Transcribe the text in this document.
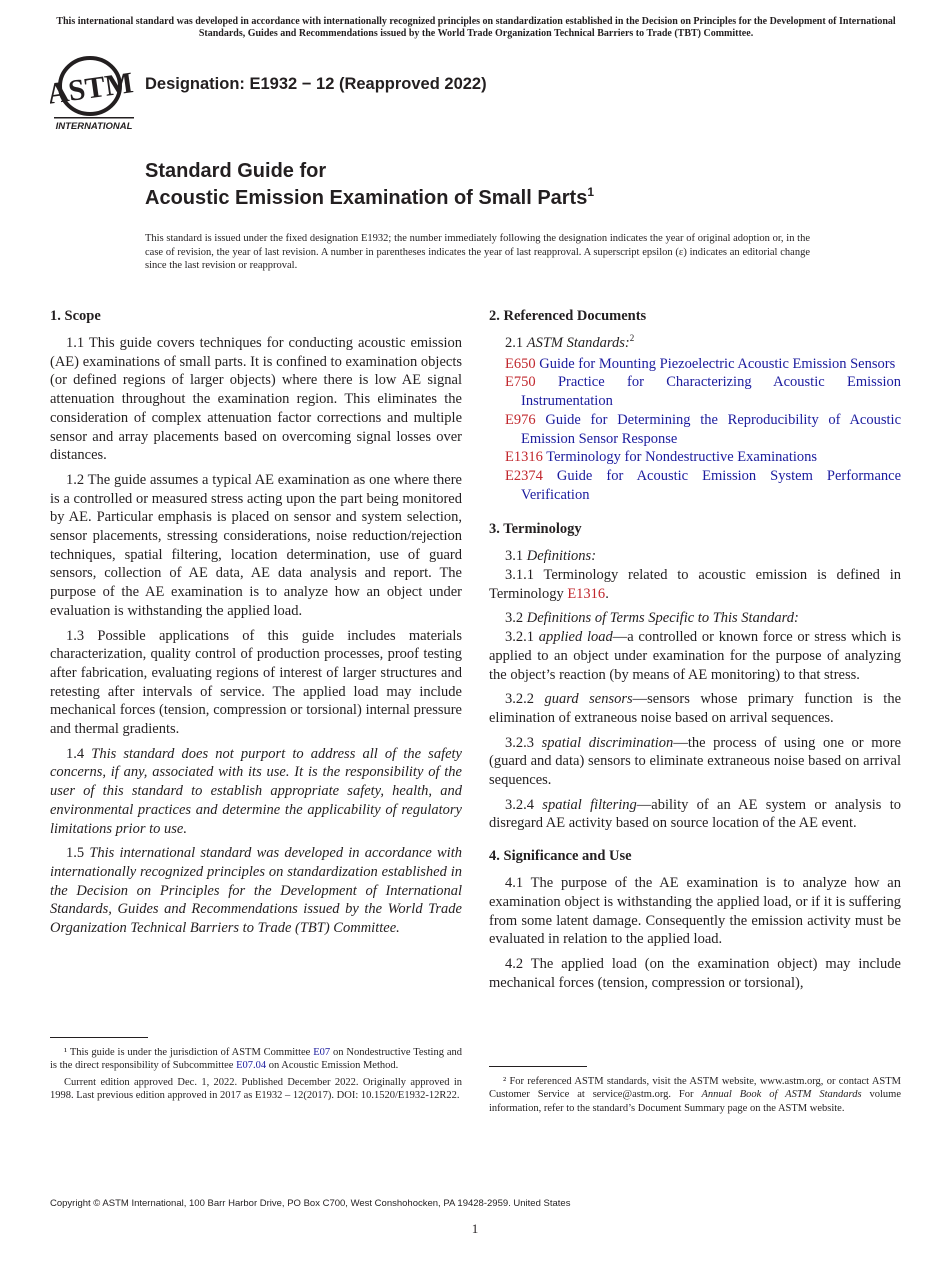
This international standard was developed in accordance with internationally recognized principles on standardization established in the Decision on Principles for the Development of International Standards, Guides and Recommendations issued by the World Trade Organization Technical Barriers to Trade (TBT) Committee.
ASTM
INTERNATIONAL
Designation: E1932 − 12 (Reapproved 2022)
Standard Guide for
Acoustic Emission Examination of Small Parts$^1$
This standard is issued under the fixed designation E1932; the number immediately following the designation indicates the year of original adoption or, in the case of revision, the year of last revision. A number in parentheses indicates the year of last reapproval. A superscript epsilon (ε) indicates an editorial change since the last revision or reapproval.
1. Scope

1.1 This guide covers techniques for conducting acoustic emission (AE) examinations of small parts. It is confined to examination objects (or defined regions of larger objects) where there is low AE signal attenuation throughout the examination region. This eliminates the consideration of complex attenuation factor corrections and multiple sensor and array placements based on overcoming signal losses over distances.

1.2 The guide assumes a typical AE examination as one where there is a controlled or measured stress acting upon the part being monitored by AE. Particular emphasis is placed on sensor and system selection, sensor placements, stressing considerations, noise reduction/rejection techniques, spatial filtering, location determination, use of guard sensors, collection of AE data, AE data analysis and report. The purpose of the AE examination is to analyze how an object under evaluation is withstanding the applied load.

1.3 Possible applications of this guide includes materials characterization, quality control of production processes, proof testing after fabrication, evaluating regions of interest of larger structures and retesting after intervals of service. The applied load may include mechanical forces (tension, compression or torsional) internal pressure and thermal gradients.

1.4 This standard does not purport to address all of the safety concerns, if any, associated with its use. It is the responsibility of the user of this standard to establish appropriate safety, health, and environmental practices and determine the applicability of regulatory limitations prior to use.

1.5 This international standard was developed in accordance with internationally recognized principles on standardization established in the Decision on Principles for the Development of International Standards, Guides and Recommendations issued by the World Trade Organization Technical Barriers to Trade (TBT) Committee.

¹ This guide is under the jurisdiction of ASTM Committee E07 on Nondestructive Testing and is the direct responsibility of Subcommittee E07.04 on Acoustic Emission Method.

Current edition approved Dec. 1, 2022. Published December 2022. Originally approved in 1998. Last previous edition approved in 2017 as E1932 – 12(2017). DOI: 10.1520/E1932-12R22.

2. Referenced Documents
2.1 ASTM Standards:$^2$
E650 Guide for Mounting Piezoelectric Acoustic Emission Sensors
E750 Practice for Characterizing Acoustic Emission Instrumentation
E976 Guide for Determining the Reproducibility of Acoustic Emission Sensor Response
E1316 Terminology for Nondestructive Examinations
E2374 Guide for Acoustic Emission System Performance Verification
3. Terminology
3.1 Definitions:

3.1.1 Terminology related to acoustic emission is defined in Terminology E1316.

3.2 Definitions of Terms Specific to This Standard:

3.2.1 applied load—a controlled or known force or stress which is applied to an object under examination for the purpose of analyzing the object’s reaction (by means of AE monitoring) to that stress.

3.2.2 guard sensors—sensors whose primary function is the elimination of extraneous noise based on arrival sequences.

3.2.3 spatial discrimination—the process of using one or more (guard and data) sensors to eliminate extraneous noise based on arrival sequences.

3.2.4 spatial filtering—ability of an AE system or analysis to disregard AE activity based on source location of the AE event.

4. Significance and Use

4.1 The purpose of the AE examination is to analyze how an examination object is withstanding the applied load, or if it is suffering from some latent damage. Consequently the emission activity must be evaluated in relation to the applied load.

4.2 The applied load (on the examination object) may include mechanical forces (tension, compression or torsional),

² For referenced ASTM standards, visit the ASTM website, www.astm.org, or contact ASTM Customer Service at service@astm.org. For Annual Book of ASTM Standards volume information, refer to the standard’s Document Summary page on the ASTM website.

Copyright © ASTM International, 100 Barr Harbor Drive, PO Box C700, West Conshohocken, PA 19428-2959. United States
1
